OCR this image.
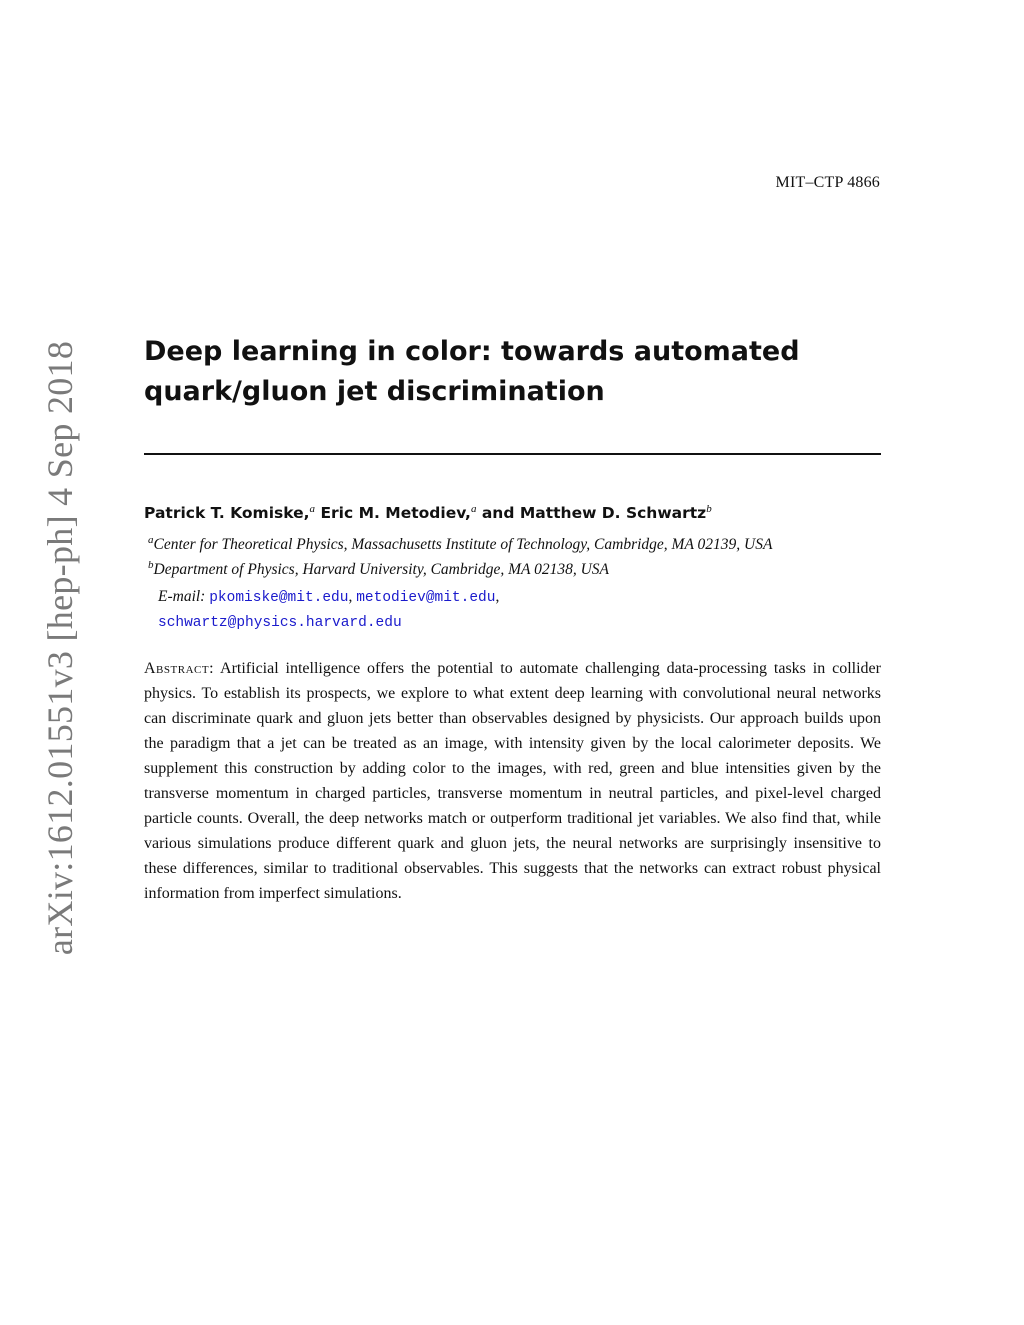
MIT–CTP 4866
arXiv:1612.01551v3 [hep-ph] 4 Sep 2018 Deep learning in color: towards automated quark/gluon jet discrimination
Patrick T. Komiske,$^a$ Eric M. Metodiev,$^a$ and Matthew D. Schwartz$^b$
$^a$Center for Theoretical Physics, Massachusetts Institute of Technology, Cambridge, MA 02139, USA
$^b$Department of Physics, Harvard University, Cambridge, MA 02138, USA
E-mail: pkomiske@mit.edu, metodiev@mit.edu,
schwartz@physics.harvard.edu

Abstract: Artificial intelligence offers the potential to automate challenging data-processing tasks in collider physics. To establish its prospects, we explore to what extent deep learning with convolutional neural networks can discriminate quark and gluon jets better than observables designed by physicists. Our approach builds upon the paradigm that a jet can be treated as an image, with intensity given by the local calorimeter deposits. We supplement this construction by adding color to the images, with red, green and blue intensities given by the transverse momentum in charged particles, transverse momentum in neutral particles, and pixel-level charged particle counts. Overall, the deep networks match or outperform traditional jet variables. We also find that, while various simulations produce different quark and gluon jets, the neural networks are surprisingly insensitive to these differences, similar to traditional observables. This suggests that the networks can extract robust physical information from imperfect simulations.
